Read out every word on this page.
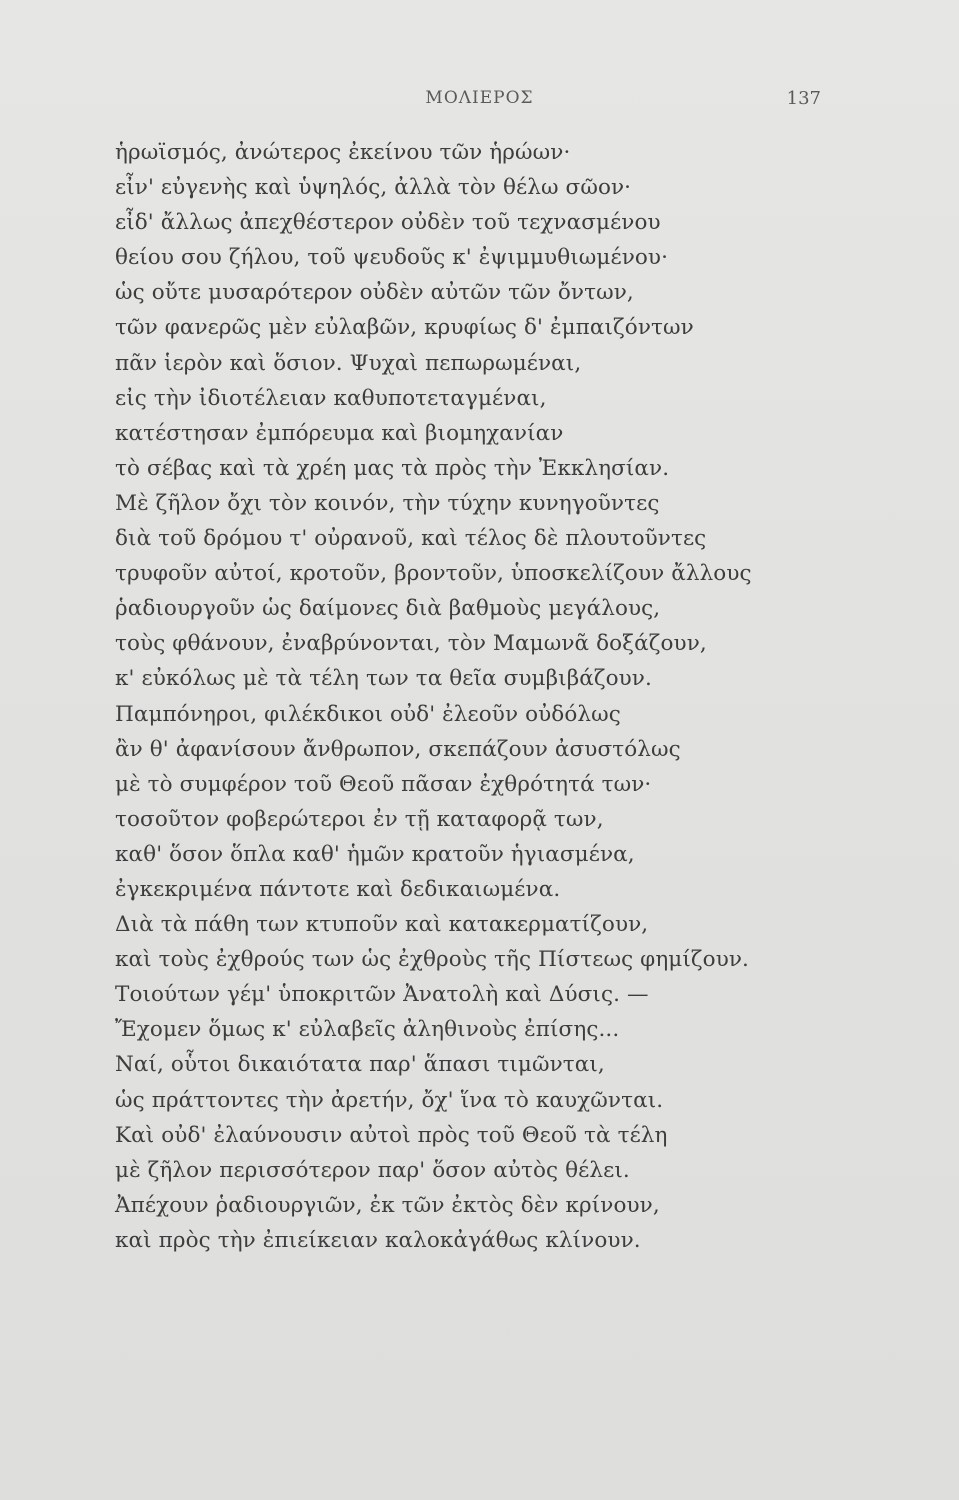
ΜΟΛΙΕΡΟΣ	137
ἡρωϊσμός, ἀνώτερος ἐκείνου τῶν ἡρώων·
εἶν' εὐγενὴς καὶ ὑψηλός, ἀλλὰ τὸν θέλω σῶον·
εἶδ' ἄλλως ἀπεχθέστερον οὐδὲν τοῦ τεχνασμένου
θείου σου ζήλου, τοῦ ψευδοῦς κ' ἐψιμμυθιωμένου·
ὡς οὔτε μυσαρότερον οὐδὲν αὐτῶν τῶν ὄντων,
τῶν φανερῶς μὲν εὐλαβῶν, κρυφίως δ' ἐμπαιζόντων
πᾶν ἱερὸν καὶ ὅσιον. Ψυχαὶ πεπωρωμέναι,
εἰς τὴν ἰδιοτέλειαν καθυποτεταγμέναι,
κατέστησαν ἐμπόρευμα καὶ βιομηχανίαν
τὸ σέβας καὶ τὰ χρέη μας τὰ πρὸς τὴν Ἐκκλησίαν.
Μὲ ζῆλον ὄχι τὸν κοινόν, τὴν τύχην κυνηγοῦντες
διὰ τοῦ δρόμου τ' οὐρανοῦ, καὶ τέλος δὲ πλουτοῦντες
τρυφοῦν αὐτοί, κροτοῦν, βροντοῦν, ὑποσκελίζουν ἄλλους
ῥαδιουργοῦν ὡς δαίμονες διὰ βαθμοὺς μεγάλους,
τοὺς φθάνουν, ἐναβρύνονται, τὸν Μαμωνᾶ δοξάζουν,
κ' εὐκόλως μὲ τὰ τέλη των τα θεῖα συμβιβάζουν.
Παμπόνηροι, φιλέκδικοι οὐδ' ἐλεοῦν οὐδόλως
ἂν θ' ἀφανίσουν ἄνθρωπον, σκεπάζουν ἀσυστόλως
μὲ τὸ συμφέρον τοῦ Θεοῦ πᾶσαν ἐχθρότητά των·
τοσοῦτον φοβερώτεροι ἐν τῇ καταφορᾷ των,
καθ' ὅσον ὅπλα καθ' ἡμῶν κρατοῦν ἡγιασμένα,
ἐγκεκριμένα πάντοτε καὶ δεδικαιωμένα.
Διὰ τὰ πάθη των κτυποῦν καὶ κατακερματίζουν,
καὶ τοὺς ἐχθρούς των ὡς ἐχθροὺς τῆς Πίστεως φημίζουν.
Τοιούτων γέμ' ὑποκριτῶν Ἀνατολὴ καὶ Δύσις. —
Ἔχομεν ὅμως κ' εὐλαβεῖς ἀληθινοὺς ἐπίσης...
Ναί, οὗτοι δικαιότατα παρ' ἅπασι τιμῶνται,
ὡς πράττοντες τὴν ἀρετήν, ὄχ' ἵνα τὸ καυχῶνται.
Καὶ οὐδ' ἐλαύνουσιν αὐτοὶ πρὸς τοῦ Θεοῦ τὰ τέλη
μὲ ζῆλον περισσότερον παρ' ὅσον αὐτὸς θέλει.
Ἀπέχουν ῥαδιουργιῶν, ἐκ τῶν ἐκτὸς δὲν κρίνουν,
καὶ πρὸς τὴν ἐπιείκειαν καλοκἀγάθως κλίνουν.
